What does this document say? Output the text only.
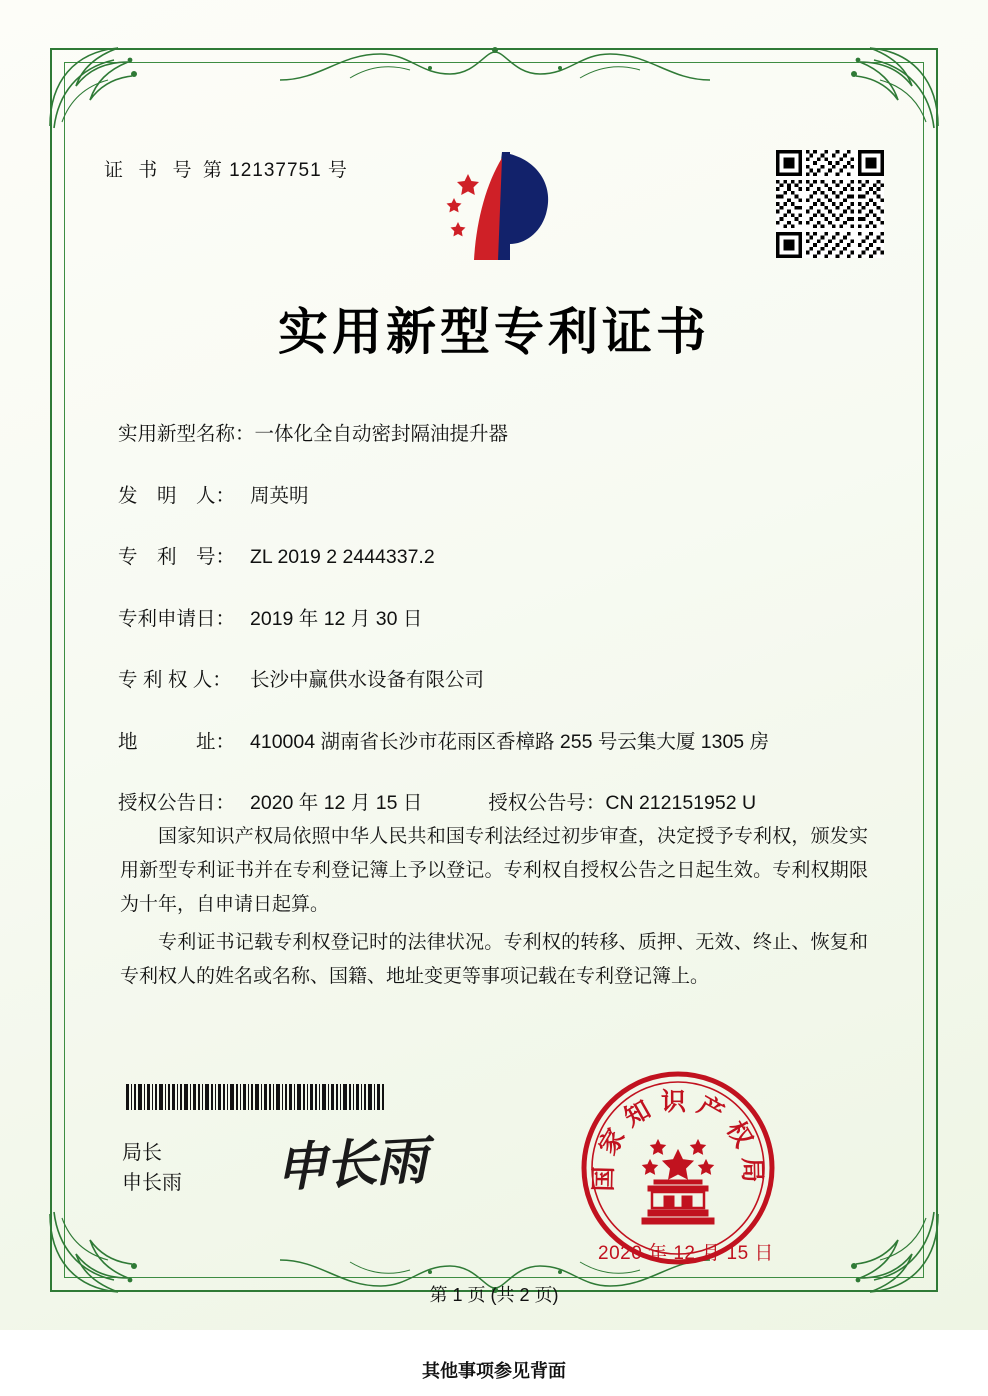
证 书 号 第 12137751 号
实用新型专利证书
实用新型名称： 一体化全自动密封隔油提升器
发　明　人： 周英明
专　利　号： ZL 2019 2 2444337.2
专利申请日： 2019 年 12 月 30 日
专 利 权 人： 长沙中赢供水设备有限公司
地　　　址： 410004 湖南省长沙市花雨区香樟路 255 号云集大厦 1305 房
授权公告日： 2020 年 12 月 15 日	授权公告号： CN 212151952 U

国家知识产权局依照中华人民共和国专利法经过初步审查，决定授予专利权，颁发实用新型专利证书并在专利登记簿上予以登记。专利权自授权公告之日起生效。专利权期限为十年，自申请日起算。

专利证书记载专利权登记时的法律状况。专利权的转移、质押、无效、终止、恢复和专利权人的姓名或名称、国籍、地址变更等事项记载在专利登记簿上。

局长
申长雨 申长雨	国家知识产权局
2020 年 12 月 15 日
第 1 页 (共 2 页)
其他事项参见背面
